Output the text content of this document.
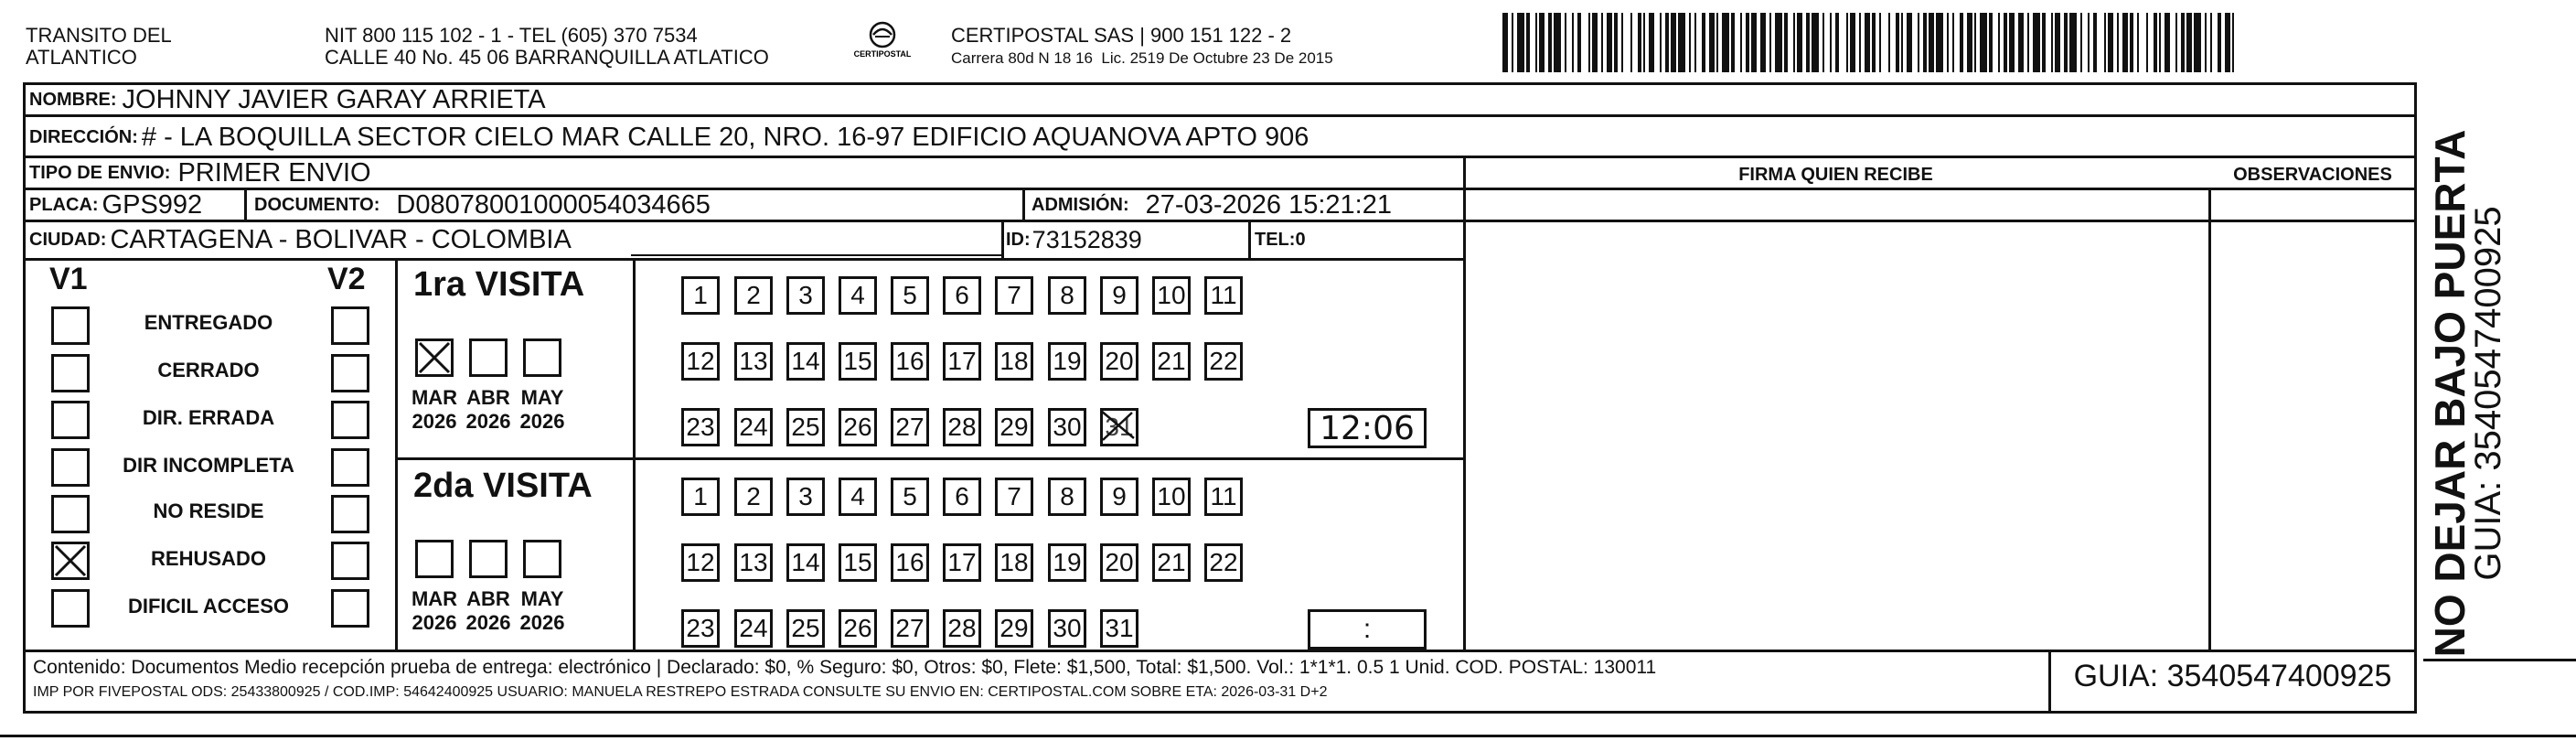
TRANSITO DEL
ATLANTICO
NIT 800 115 102 - 1 - TEL (605) 370 7534
CALLE 40 No. 45 06 BARRANQUILLA ATLATICO	CERTIPOSTAL
CERTIPOSTAL SAS | 900 151 122 - 2
Carrera 80d N 18 16  Lic. 2519 De Octubre 23 De 2015
NOMBRE: JOHNNY JAVIER GARAY ARRIETA
DIRECCIÓN: # - LA BOQUILLA SECTOR CIELO MAR CALLE 20, NRO. 16-97 EDIFICIO AQUANOVA APTO 906
TIPO DE ENVIO: PRIMER ENVIO	FIRMA QUIEN RECIBE	OBSERVACIONES
PLACA: GPS992	DOCUMENTO: D08078001000054034665	ADMISIÓN: 27-03-2026 15:21:21
CIUDAD: CARTAGENA - BOLIVAR - COLOMBIA	ID: 73152839	TEL: 0
V1	V2
ENTREGADO
CERRADO
DIR. ERRADA
DIR INCOMPLETA
NO RESIDE
REHUSADO
DIFICIL ACCESO
1ra VISITA
MAR
2026
ABR
2026
MAY
2026
1	2	3	4	5	6	7	8	9	10 11
12 13 14 15 16 17 18 19 20 21 22
23 24 25 26 27 28 29 30 31	12:06
2da VISITA
MAR
2026
ABR
2026
MAY
2026
1	2	3	4	5	6	7	8	9	10 11
12 13 14 15 16 17 18 19 20 21 22
23 24 25 26 27 28 29 30 31	:
Contenido: Documentos Medio recepción prueba de entrega: electrónico | Declarado: $0, % Seguro: $0, Otros: $0, Flete: $1,500, Total: $1,500. Vol.: 1*1*1. 0.5 1 Unid. COD. POSTAL: 130011
IMP POR FIVEPOSTAL ODS: 25433800925 / COD.IMP: 54642400925 USUARIO: MANUELA RESTREPO ESTRADA CONSULTE SU ENVIO EN: CERTIPOSTAL.COM SOBRE ETA: 2026-03-31 D+2	GUIA: 3540547400925
NO DEJAR BAJO PUERTA
GUIA: 3540547400925
